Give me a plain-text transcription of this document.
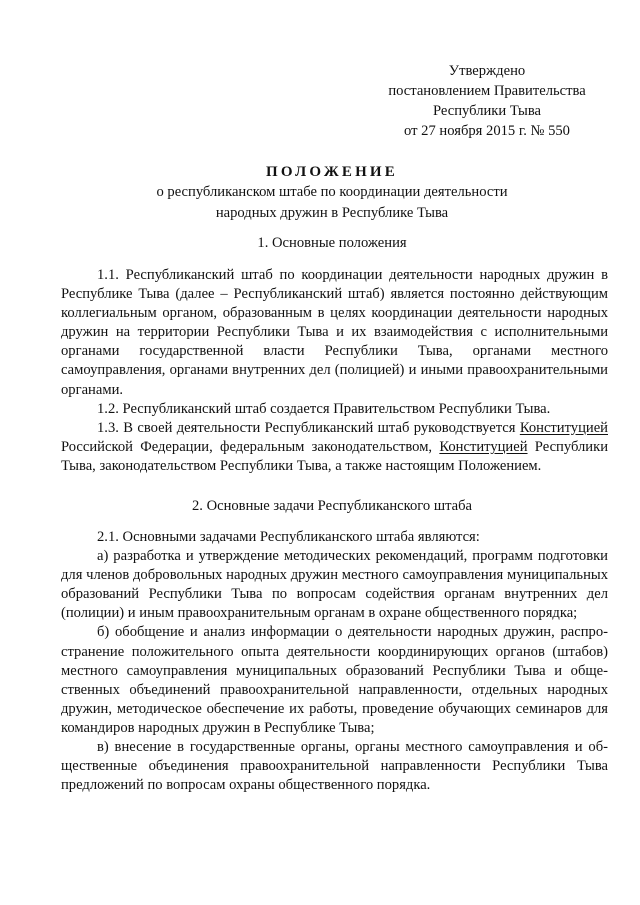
Утверждено
постановлением Правительства
Республики Тыва
от 27 ноября 2015 г. № 550
ПОЛОЖЕНИЕ
о республиканском штабе по координации деятельности
народных дружин в Республике Тыва
1. Основные положения

1.1. Республиканский штаб по координации деятельности народных дружин в Республике Тыва (далее – Республиканский штаб) является постоянно действующим коллегиальным органом, образованным в целях координации деятельности народных дружин на территории Республики Тыва и их взаимодействия с исполнительными органами государственной власти Республики Тыва, органами местного самоуправления, органами внутренних дел (полицией) и иными правоохранительными органами.

1.2. Республиканский штаб создается Правительством Республики Тыва.

1.3. В своей деятельности Республиканский штаб руководствуется Конституцией Российской Федерации, федеральным законодательством, Конституцией Республики Тыва, законодательством Республики Тыва, а также настоящим Положением.

2. Основные задачи Республиканского штаба

2.1. Основными задачами Республиканского штаба являются:

а) разработка и утверждение методических рекомендаций, программ подготовки для членов добровольных народных дружин местного самоуправления муниципальных образований Республики Тыва по вопросам содействия органам внутренних дел (полиции) и иным правоохранительным органам в охране общественного порядка;

б) обобщение и анализ информации о деятельности народных дружин, распространение положительного опыта деятельности координирующих органов (штабов) местного самоуправления муниципальных образований Республики Тыва и общественных объединений правоохранительной направленности, отдельных народных дружин, методическое обеспечение их работы, проведение обучающих семинаров для командиров народных дружин в Республике Тыва;

в) внесение в государственные органы, органы местного самоуправления и общественные объединения правоохранительной направленности Республики Тыва предложений по вопросам охраны общественного порядка.
